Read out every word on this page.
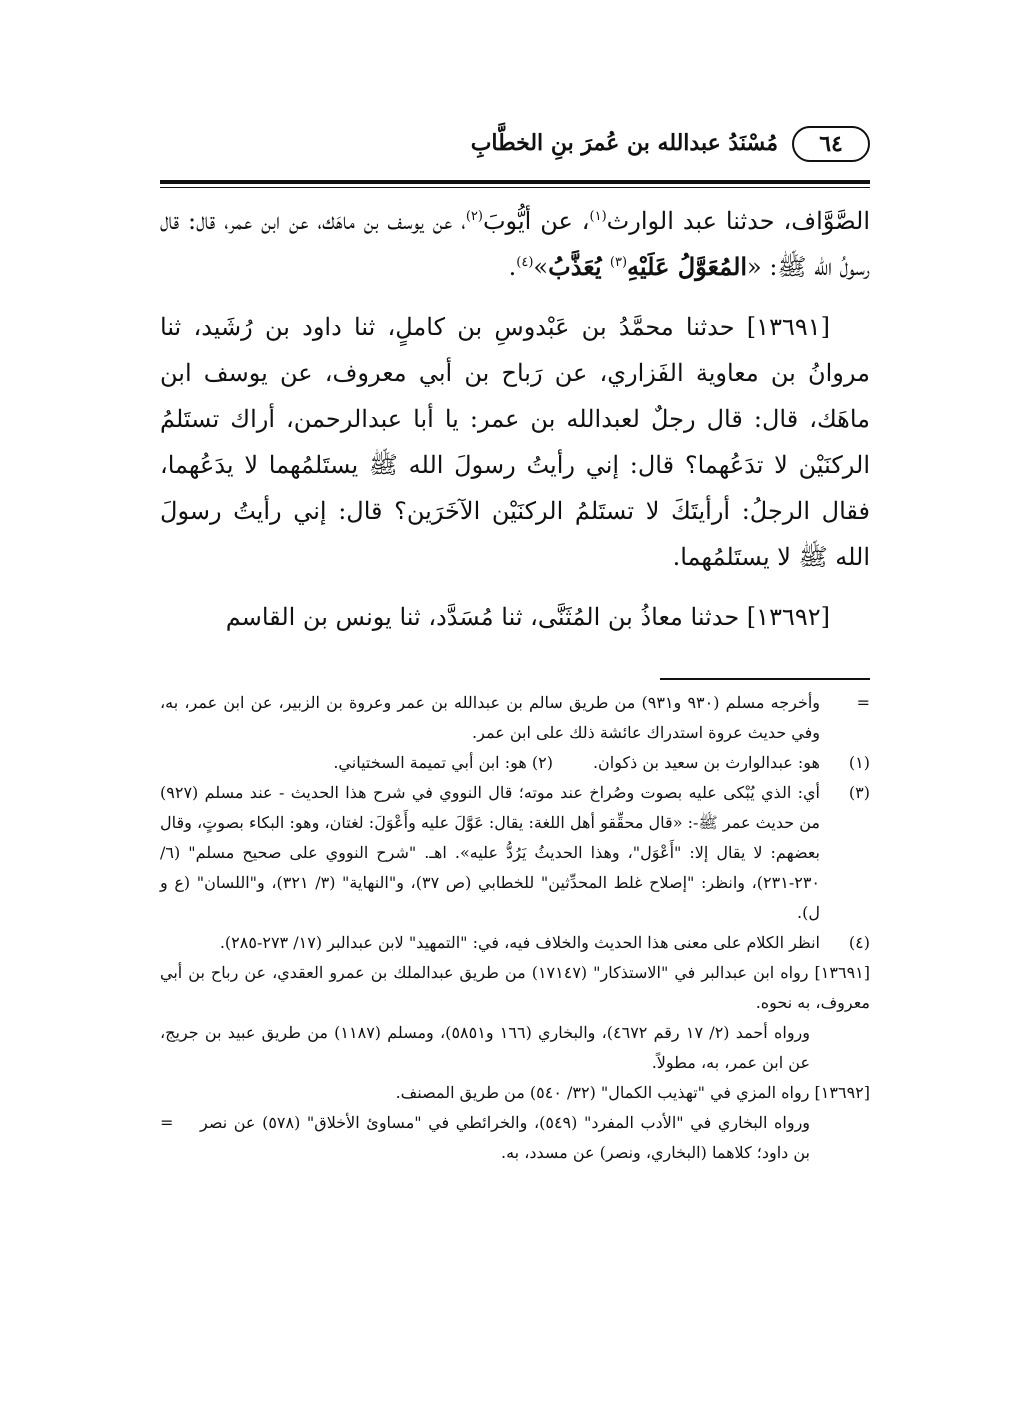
٦٤
مُسْنَدُ عبدالله بن عُمرَ بنِ الخطَّابِ

الصَّوَّاف، حدثنا عبد الوارث$^{(١)}$، عن أيُّوبَ$^{(٢)}$، عن يوسف بن ماهَك، عن ابن عمر، قال: قال رسولُ الله ﷺ: «المُعَوَّلُ عَلَيْهِ$^{(٣)}$ يُعَذَّبُ»$^{(٤)}$.

[١٣٦٩١] حدثنا محمَّدُ بن عَبْدوسِ بن كاملٍ، ثنا داود بن رُشَيد، ثنا مروانُ بن معاوية الفَزاري، عن رَباح بن أبي معروف، عن يوسف ابن ماهَك، قال: قال رجلٌ لعبدالله بن عمر: يا أبا عبدالرحمن، أراك تستَلمُ الركنَيْن لا تدَعُهما؟ قال: إني رأيتُ رسولَ الله ﷺ يستَلمُهما لا يدَعُهما، فقال الرجلُ: أرأيتَكَ لا تستَلمُ الركنَيْن الآخَرَين؟ قال: إني رأيتُ رسولَ الله ﷺ لا يستَلمُهما.

[١٣٦٩٢] حدثنا معاذُ بن المُثَنَّى، ثنا مُسَدَّد، ثنا يونس بن القاسم

=
وأخرجه مسلم (٩٣٠ و٩٣١) من طريق سالم بن عبدالله بن عمر وعروة بن الزبير، عن ابن عمر، به، وفي حديث عروة استدراك عائشة ذلك على ابن عمر.
(١)
هو: عبدالوارث بن سعيد بن ذكوان.
(٢) هو: ابن أبي تميمة السختياني.
(٣)
أي: الذي يُبْكى عليه بصوت وصُراخ عند موته؛ قال النووي في شرح هذا الحديث - عند مسلم (٩٢٧) من حديث عمر ﷺ-: «قال محقِّقو أهل اللغة: يقال: عَوَّلَ عليه وأَعْوَلَ: لغتان، وهو: البكاء بصوتٍ، وقال بعضهم: لا يقال إلا: "أَعْوَل"، وهذا الحديثُ يَرُدُّ عليه». اهـ. "شرح النووي على صحيح مسلم" (٦/ ٢٣٠-٢٣١)، وانظر: "إصلاح غلط المحدِّثين" للخطابي (ص ٣٧)، و"النهاية" (٣/ ٣٢١)، و"اللسان" (ع و ل).
(٤)
انظر الكلام على معنى هذا الحديث والخلاف فيه، في: "التمهيد" لابن عبدالبر (١٧/ ٢٧٣-٢٨٥).
[١٣٦٩١] رواه ابن عبدالبر في "الاستذكار" (١٧١٤٧) من طريق عبدالملك بن عمرو العقدي، عن رباح بن أبي معروف، به نحوه.
ورواه أحمد (٢/ ١٧ رقم ٤٦٧٢)، والبخاري (١٦٦ و٥٨٥١)، ومسلم (١١٨٧) من طريق عبيد بن جريج، عن ابن عمر، به، مطولاً.
[١٣٦٩٢] رواه المزي في "تهذيب الكمال" (٣٢/ ٥٤٠) من طريق المصنف.
ورواه البخاري في "الأدب المفرد" (٥٤٩)، والخرائطي في "مساوئ الأخلاق" (٥٧٨) عن نصر بن داود؛ كلاهما (البخاري، ونصر) عن مسدد، به.
=
